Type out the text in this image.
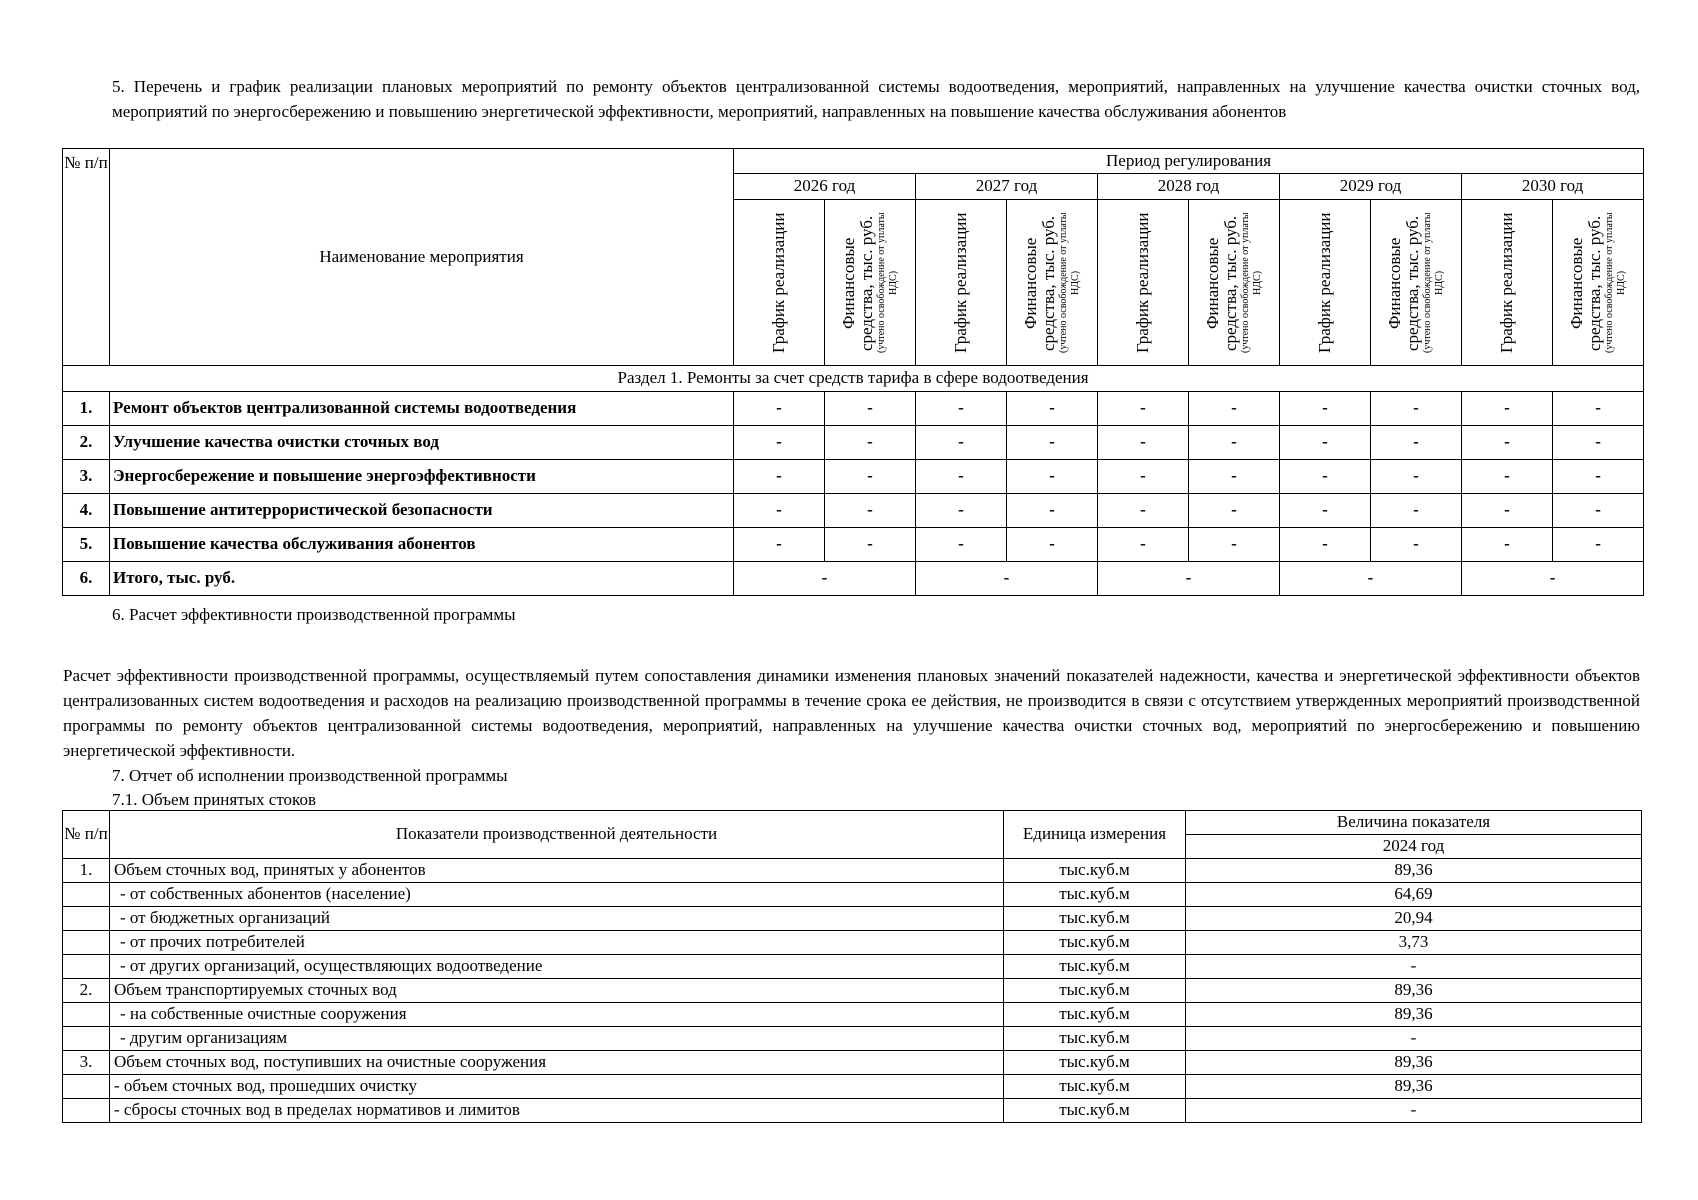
5. Перечень и график реализации плановых мероприятий по ремонту объектов централизованной системы водоотведения, мероприятий, направленных на улучшение качества очистки сточных вод, мероприятий по энергосбережению и повышению энергетической эффективности, мероприятий, направленных на повышение качества обслуживания абонентов

№ п/п	Наименование мероприятия	Период регулирования									
		2026 год		2027 год		2028 год		2029 год		2030 год	

		График реализации	Финансовые средства, тыс. руб. (учтено освобождение от уплаты НДС)	График реализации	Финансовые средства, тыс. руб. (учтено освобождение от уплаты НДС)	График реализации	Финансовые средства, тыс. руб. (учтено освобождение от уплаты НДС)	График реализации	Финансовые средства, тыс. руб. (учтено освобождение от уплаты НДС)	График реализации	Финансовые средства, тыс. руб. (учтено освобождение от уплаты НДС)

Раздел 1. Ремонты за счет средств тарифа в сфере водоотведения											
1.	Ремонт объектов централизованной системы водоотведения	-	-	-	-	-	-	-	-	-	-
2.	Улучшение качества очистки сточных вод	-	-	-	-	-	-	-	-	-	-
3.	Энергосбережение и повышение энергоэффективности	-	-	-	-	-	-	-	-	-	-
4.	Повышение антитеррористической безопасности	-	-	-	-	-	-	-	-	-	-
5.	Повышение качества обслуживания абонентов	-	-	-	-	-	-	-	-	-	-
6.	Итого, тыс. руб.	-		-		-		-		-	

6. Расчет эффективности производственной программы

Расчет эффективности производственной программы, осуществляемый путем сопоставления динамики изменения плановых значений показателей надежности, качества и энергетической эффективности объектов централизованных систем водоотведения и расходов на реализацию производственной программы в течение срока ее действия, не производится в связи с отсутствием утвержденных мероприятий производственной программы по ремонту объектов централизованной системы водоотведения, мероприятий, направленных на улучшение качества очистки сточных вод, мероприятий по энергосбережению и повышению энергетической эффективности.

7. Отчет об исполнении производственной программы

7.1. Объем принятых стоков

№ п/п	Показатели производственной деятельности	Единица измерения	Величина показателя
			2024 год
1.	Объем сточных вод, принятых у абонентов	тыс.куб.м	89,36
	- от собственных абонентов (население)	тыс.куб.м	64,69
	- от бюджетных организаций	тыс.куб.м	20,94
	- от прочих потребителей	тыс.куб.м	3,73
	- от других организаций, осуществляющих водоотведение	тыс.куб.м	-
2.	Объем транспортируемых сточных вод	тыс.куб.м	89,36
	- на собственные очистные сооружения	тыс.куб.м	89,36
	- другим организациям	тыс.куб.м	-
3.	Объем сточных вод, поступивших на очистные сооружения	тыс.куб.м	89,36
	- объем сточных вод, прошедших очистку	тыс.куб.м	89,36
	- сбросы сточных вод в пределах нормативов и лимитов	тыс.куб.м	-
